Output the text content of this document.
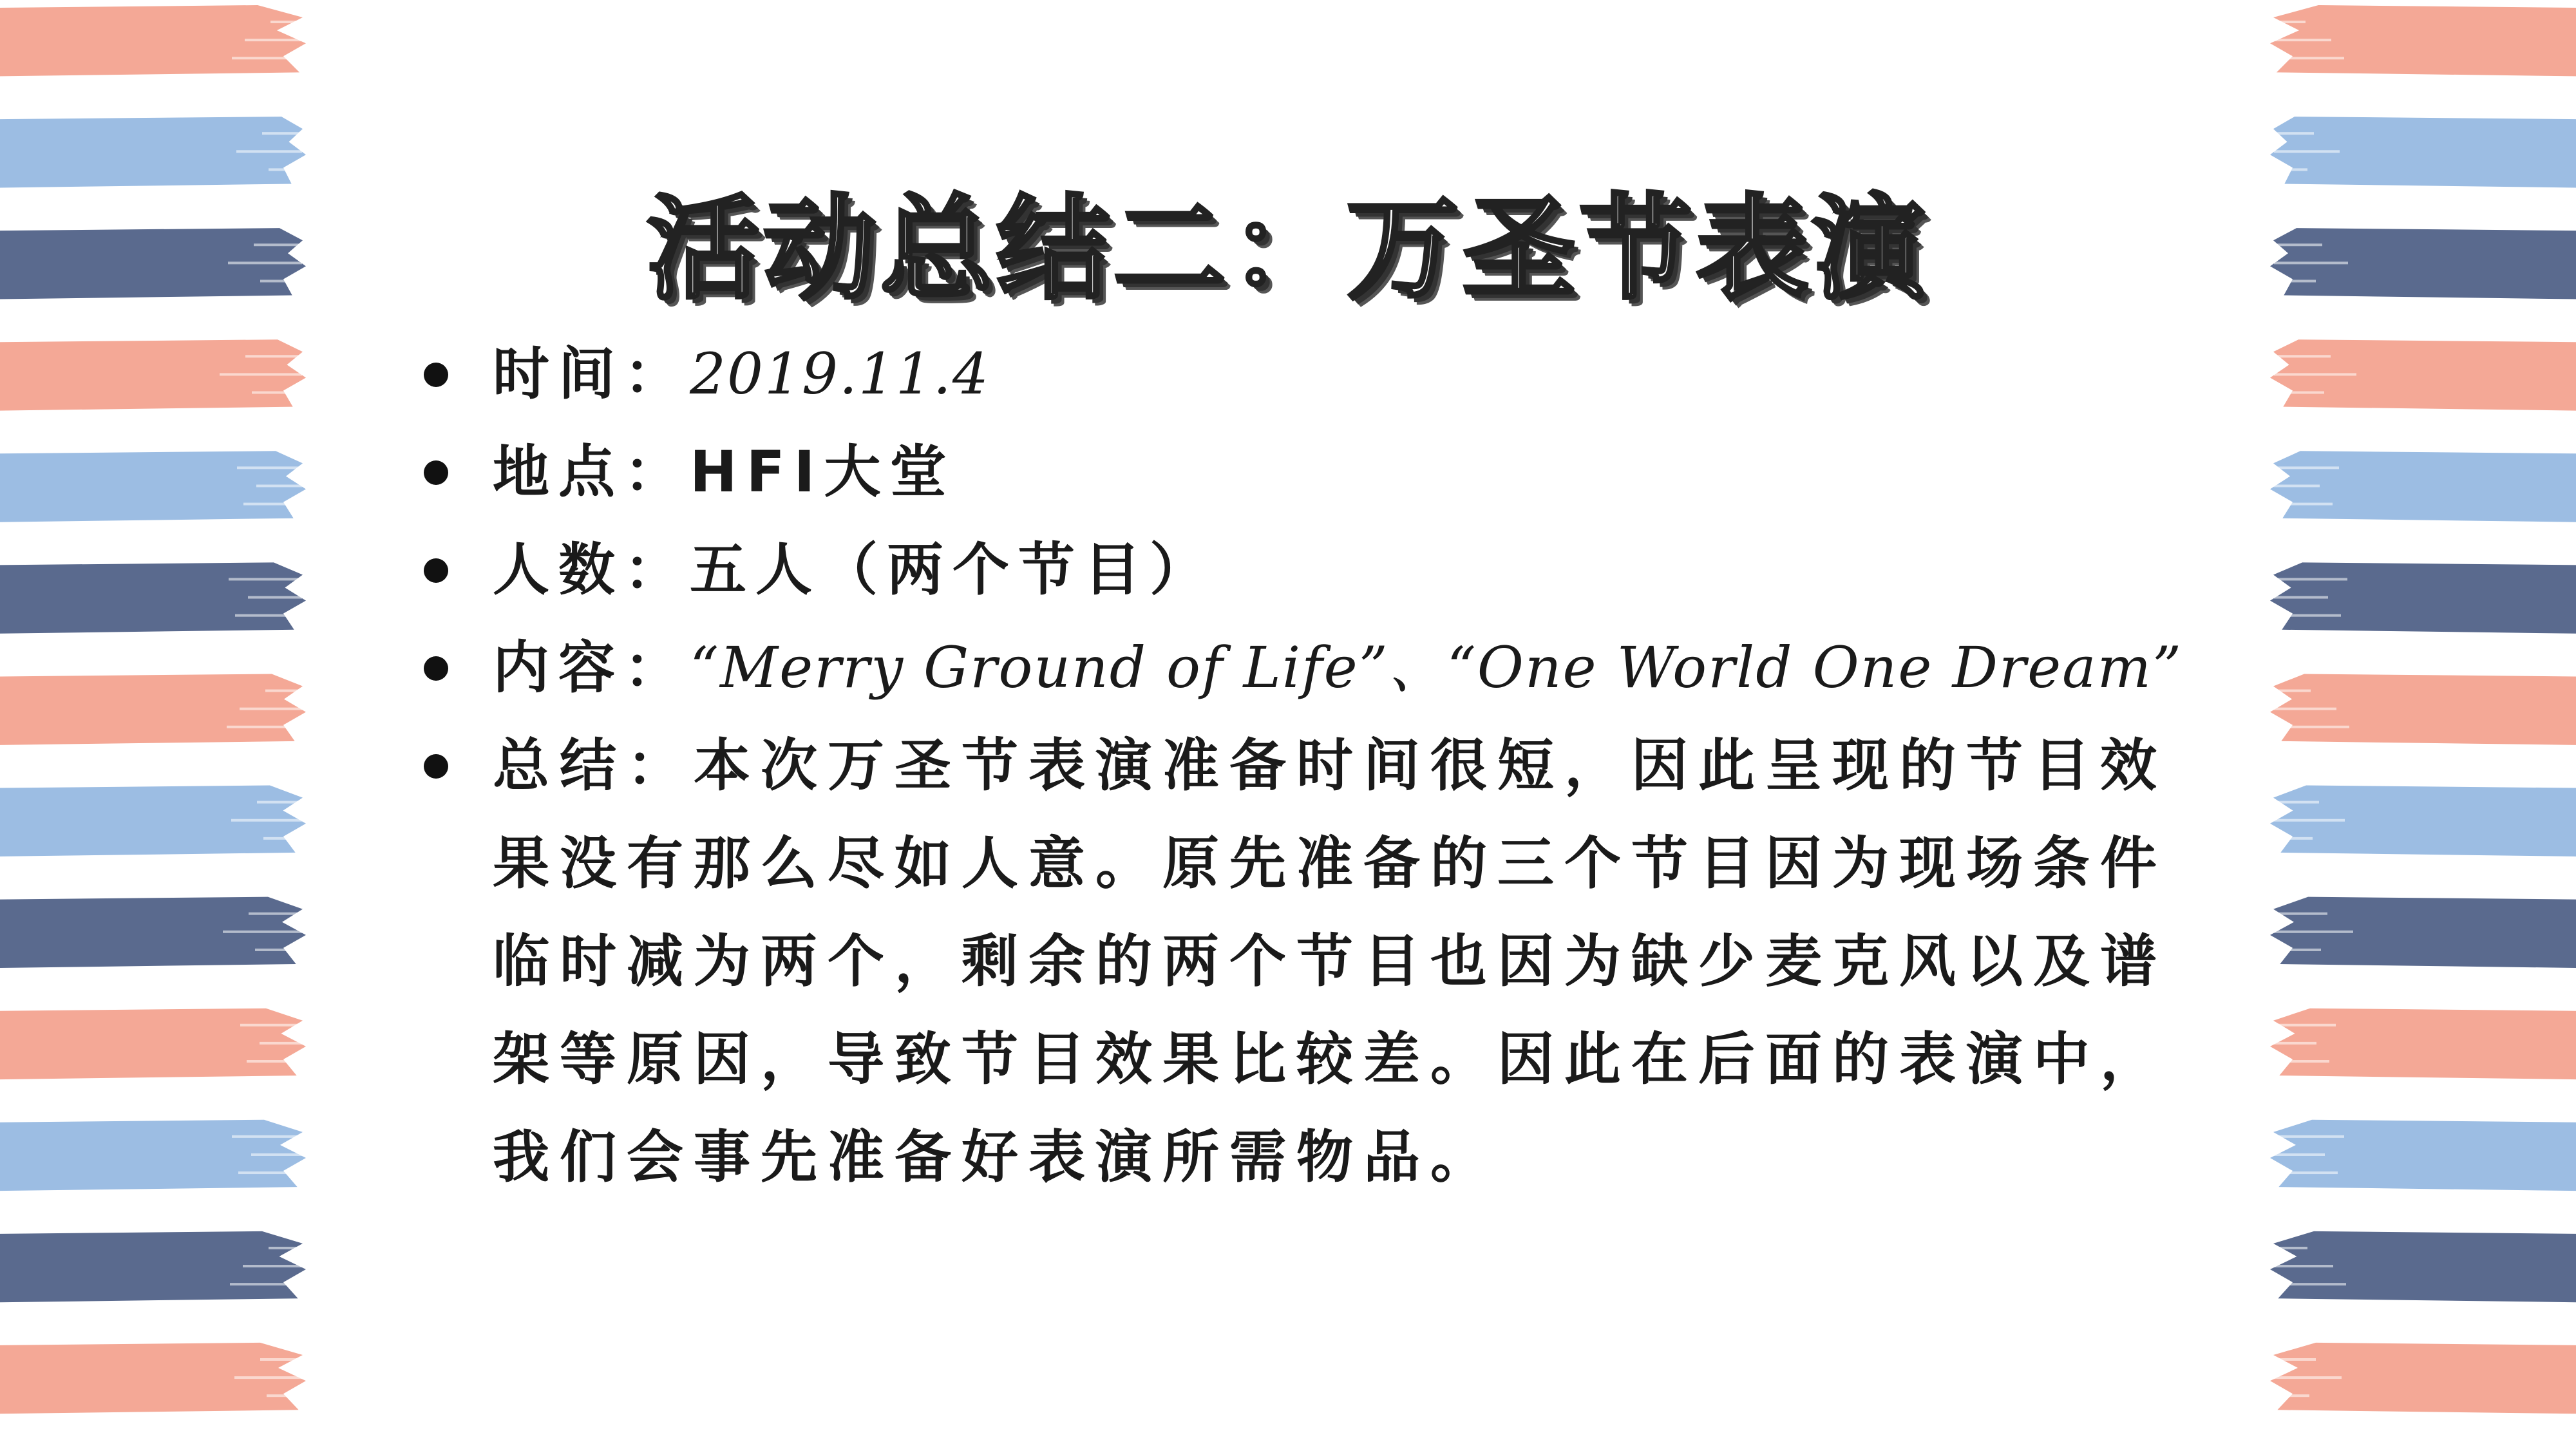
活动总结二：万圣节表演
时间：2019.11.4
地点：HFI大堂
人数：五人（两个节目）
内容：“Merry Ground of Life”、“One World One Dream”
总结：本次万圣节表演准备时间很短，因此呈现的节目效果没有那么尽如人意。原先准备的三个节目因为现场条件临时减为两个，剩余的两个节目也因为缺少麦克风以及谱架等原因，导致节目效果比较差。因此在后面的表演中，我们会事先准备好表演所需物品。
